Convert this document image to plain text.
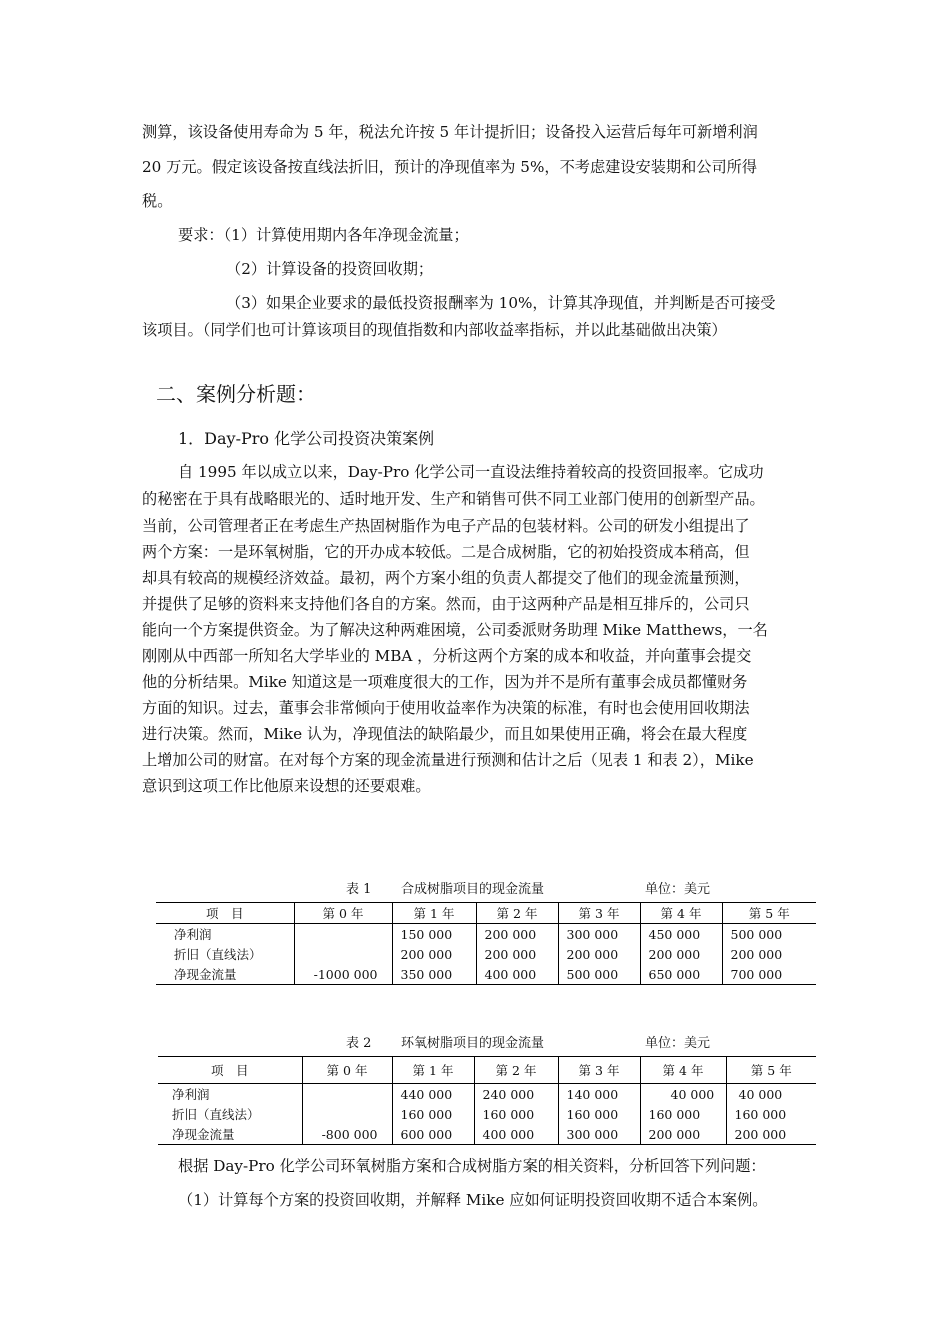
测算，该设备使用寿命为 5 年，税法允许按 5 年计提折旧；设备投入运营后每年可新增利润
20 万元。假定该设备按直线法折旧，预计的净现值率为 5%，不考虑建设安装期和公司所得
税。
要求：（1）计算使用期内各年净现金流量；
（2）计算设备的投资回收期；
（3）如果企业要求的最低投资报酬率为 10%，计算其净现值，并判断是否可接受
该项目。（同学们也可计算该项目的现值指数和内部收益率指标，并以此基础做出决策）
二、案例分析题：
1．Day-Pro 化学公司投资决策案例
自 1995 年以成立以来，Day-Pro 化学公司一直设法维持着较高的投资回报率。它成功
的秘密在于具有战略眼光的、适时地开发、生产和销售可供不同工业部门使用的创新型产品。
当前，公司管理者正在考虑生产热固树脂作为电子产品的包装材料。公司的研发小组提出了
两个方案：一是环氧树脂，它的开办成本较低。二是合成树脂，它的初始投资成本稍高，但
却具有较高的规模经济效益。最初，两个方案小组的负责人都提交了他们的现金流量预测，
并提供了足够的资料来支持他们各自的方案。然而，由于这两种产品是相互排斥的，公司只
能向一个方案提供资金。为了解决这种两难困境，公司委派财务助理 Mike Matthews，一名
刚刚从中西部一所知名大学毕业的 MBA ，分析这两个方案的成本和收益，并向董事会提交
他的分析结果。Mike 知道这是一项难度很大的工作，因为并不是所有董事会成员都懂财务
方面的知识。过去，董事会非常倾向于使用收益率作为决策的标准，有时也会使用回收期法
进行决策。然而，Mike 认为，净现值法的缺陷最少，而且如果使用正确，将会在最大程度
上增加公司的财富。在对每个方案的现金流量进行预测和估计之后（见表 1 和表 2），Mike
意识到这项工作比他原来设想的还要艰难。
表 1 合成树脂项目的现金流量	单位：美元
项　目	第 0 年	第 1 年	第 2 年	第 3 年	第 4 年	第 5 年
净利润		150 000	200 000	300 000	450 000	500 000
折旧（直线法）		200 000	200 000	200 000	200 000	200 000
净现金流量	-1000 000	350 000	400 000	500 000	650 000	700 000
表 2 环氧树脂项目的现金流量	单位：美元
项　目	第 0 年	第 1 年	第 2 年	第 3 年	第 4 年	第 5 年
净利润		440 000	240 000	140 000	40 000	40 000
折旧（直线法）		160 000	160 000	160 000	160 000	160 000
净现金流量	-800 000	600 000	400 000	300 000	200 000	200 000
根据 Day-Pro 化学公司环氧树脂方案和合成树脂方案的相关资料，分析回答下列问题：
（1）计算每个方案的投资回收期，并解释 Mike 应如何证明投资回收期不适合本案例。
